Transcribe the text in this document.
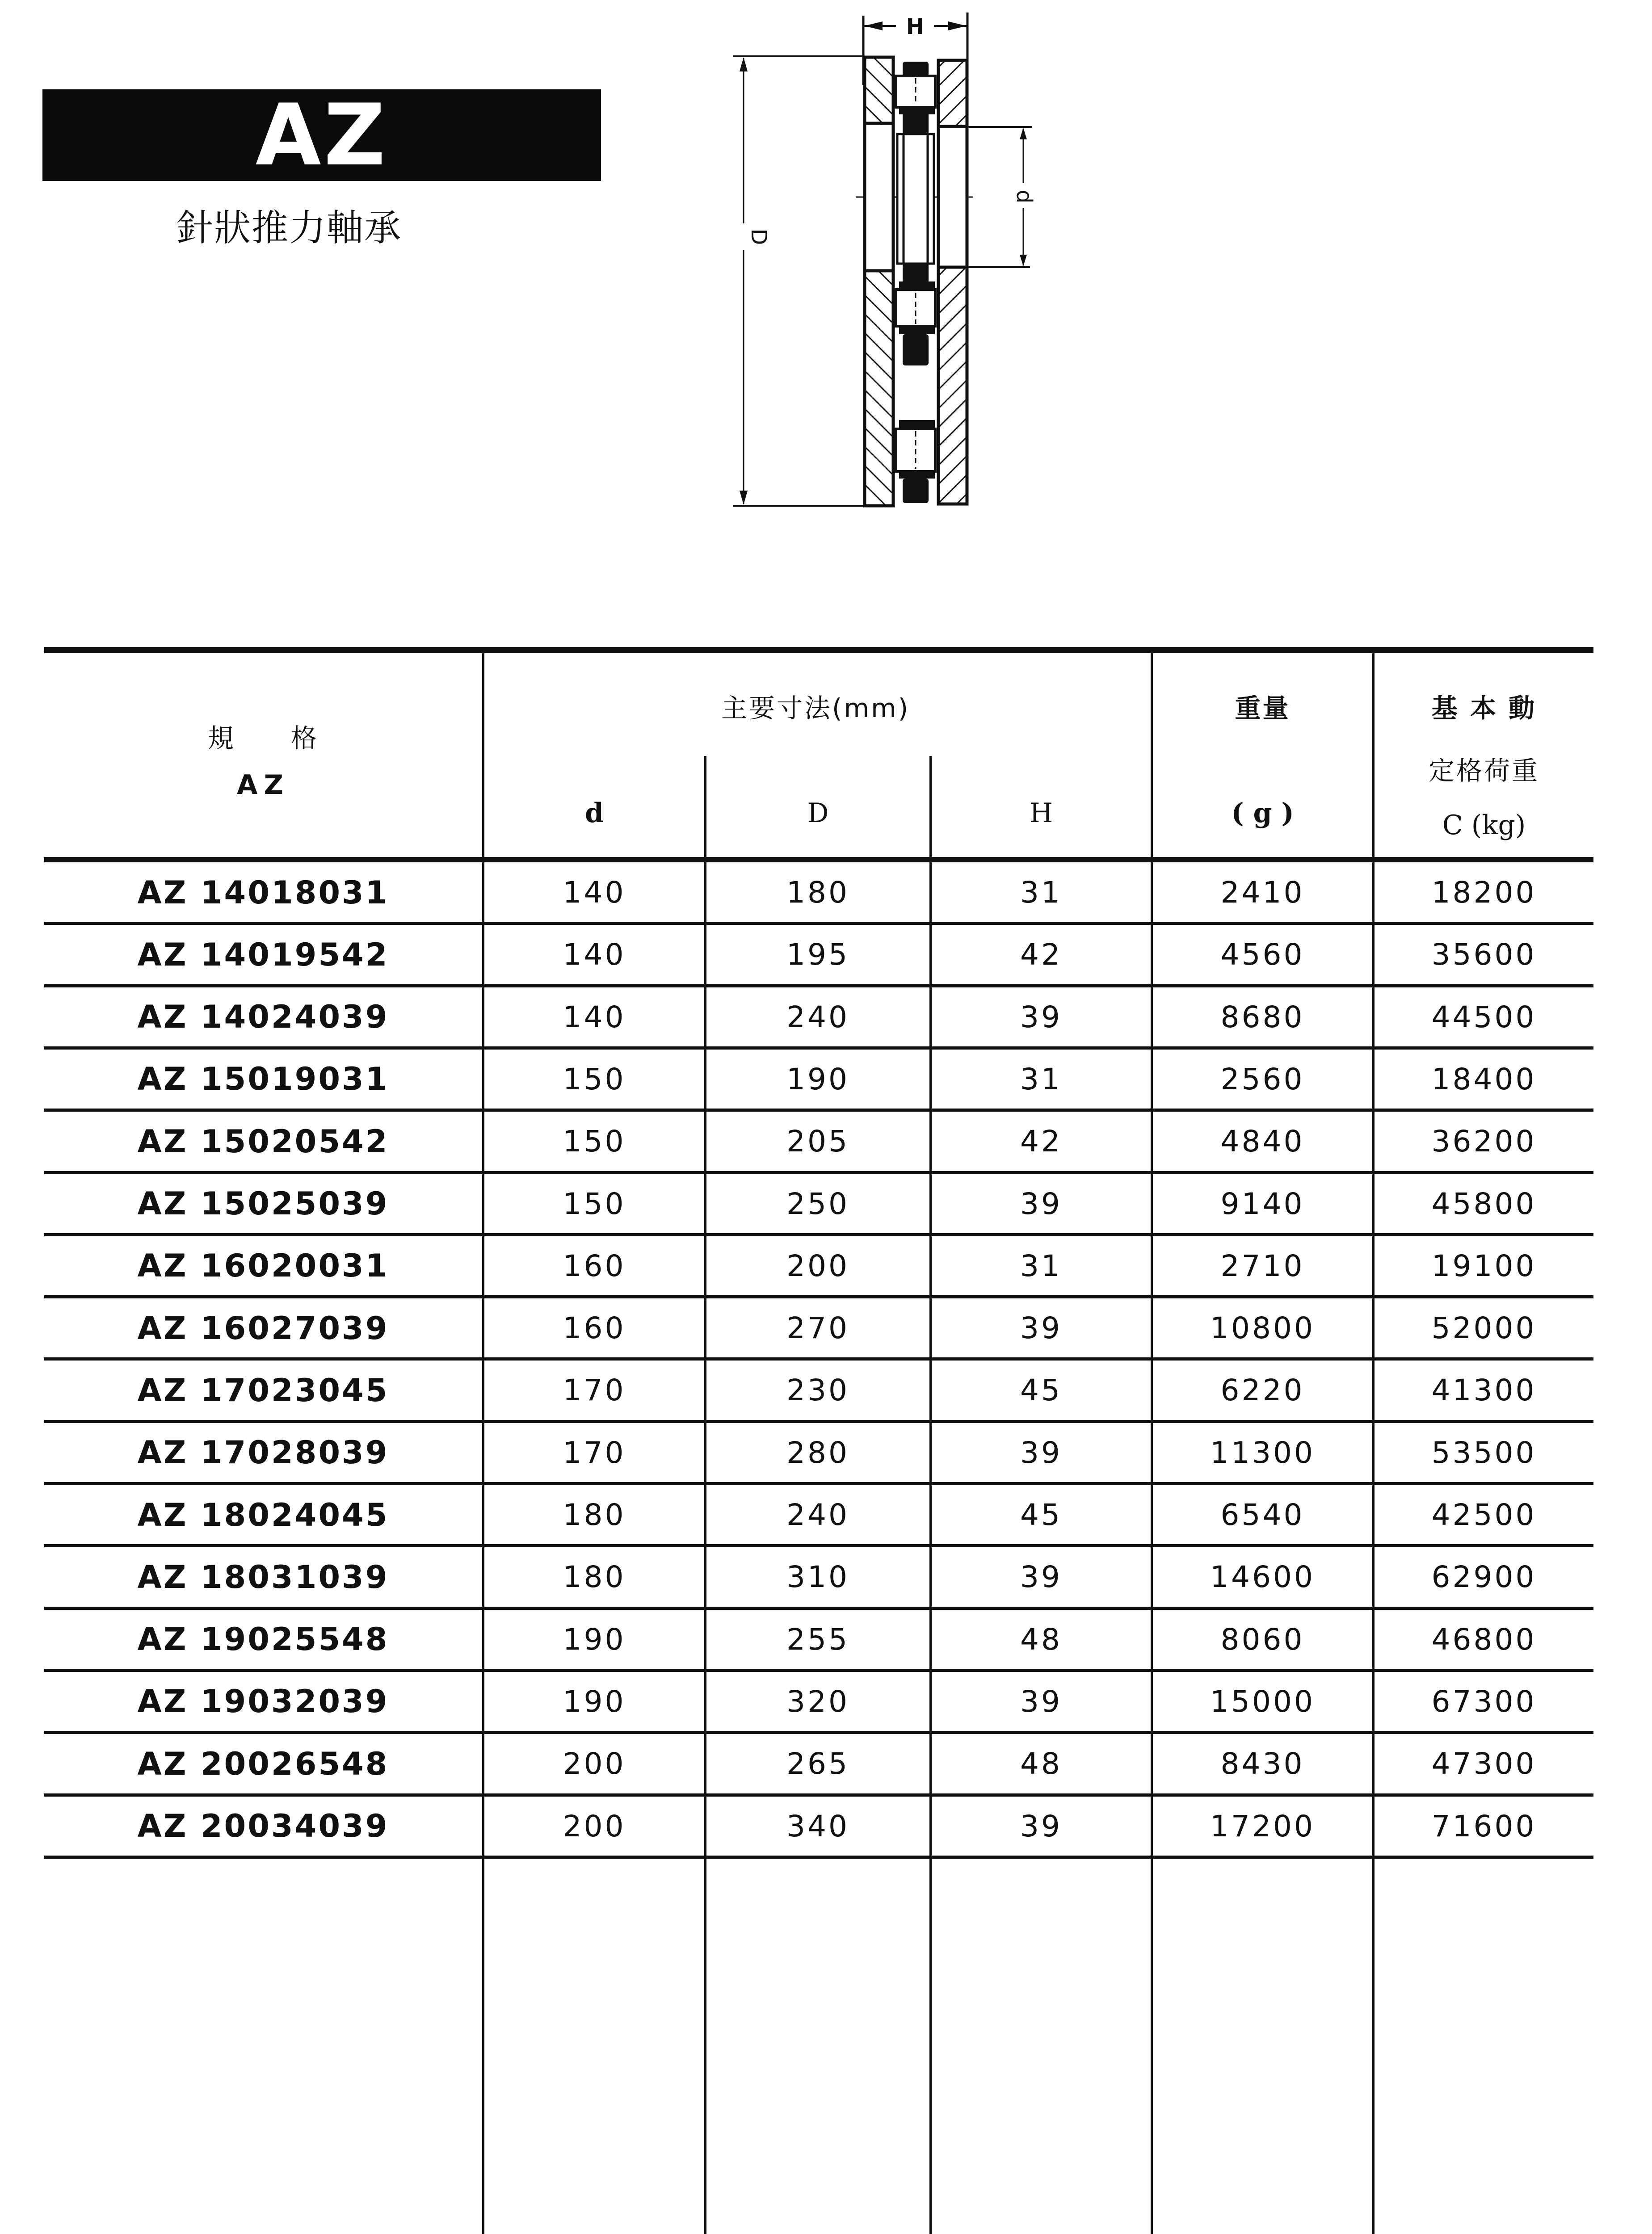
AZ
針狀推力軸承
H
D
d
規　　格
AZ
主要寸法(mm)
d	D	H
重量
( g )
基 本 動
定格荷重
C (kg)
AZ 14018031	140	180	31	2410	18200
AZ 14019542	140	195	42	4560	35600
AZ 14024039	140	240	39	8680	44500
AZ 15019031	150	190	31	2560	18400
AZ 15020542	150	205	42	4840	36200
AZ 15025039	150	250	39	9140	45800
AZ 16020031	160	200	31	2710	19100
AZ 16027039	160	270	39	10800	52000
AZ 17023045	170	230	45	6220	41300
AZ 17028039	170	280	39	11300	53500
AZ 18024045	180	240	45	6540	42500
AZ 18031039	180	310	39	14600	62900
AZ 19025548	190	255	48	8060	46800
AZ 19032039	190	320	39	15000	67300
AZ 20026548	200	265	48	8430	47300
AZ 20034039	200	340	39	17200	71600
